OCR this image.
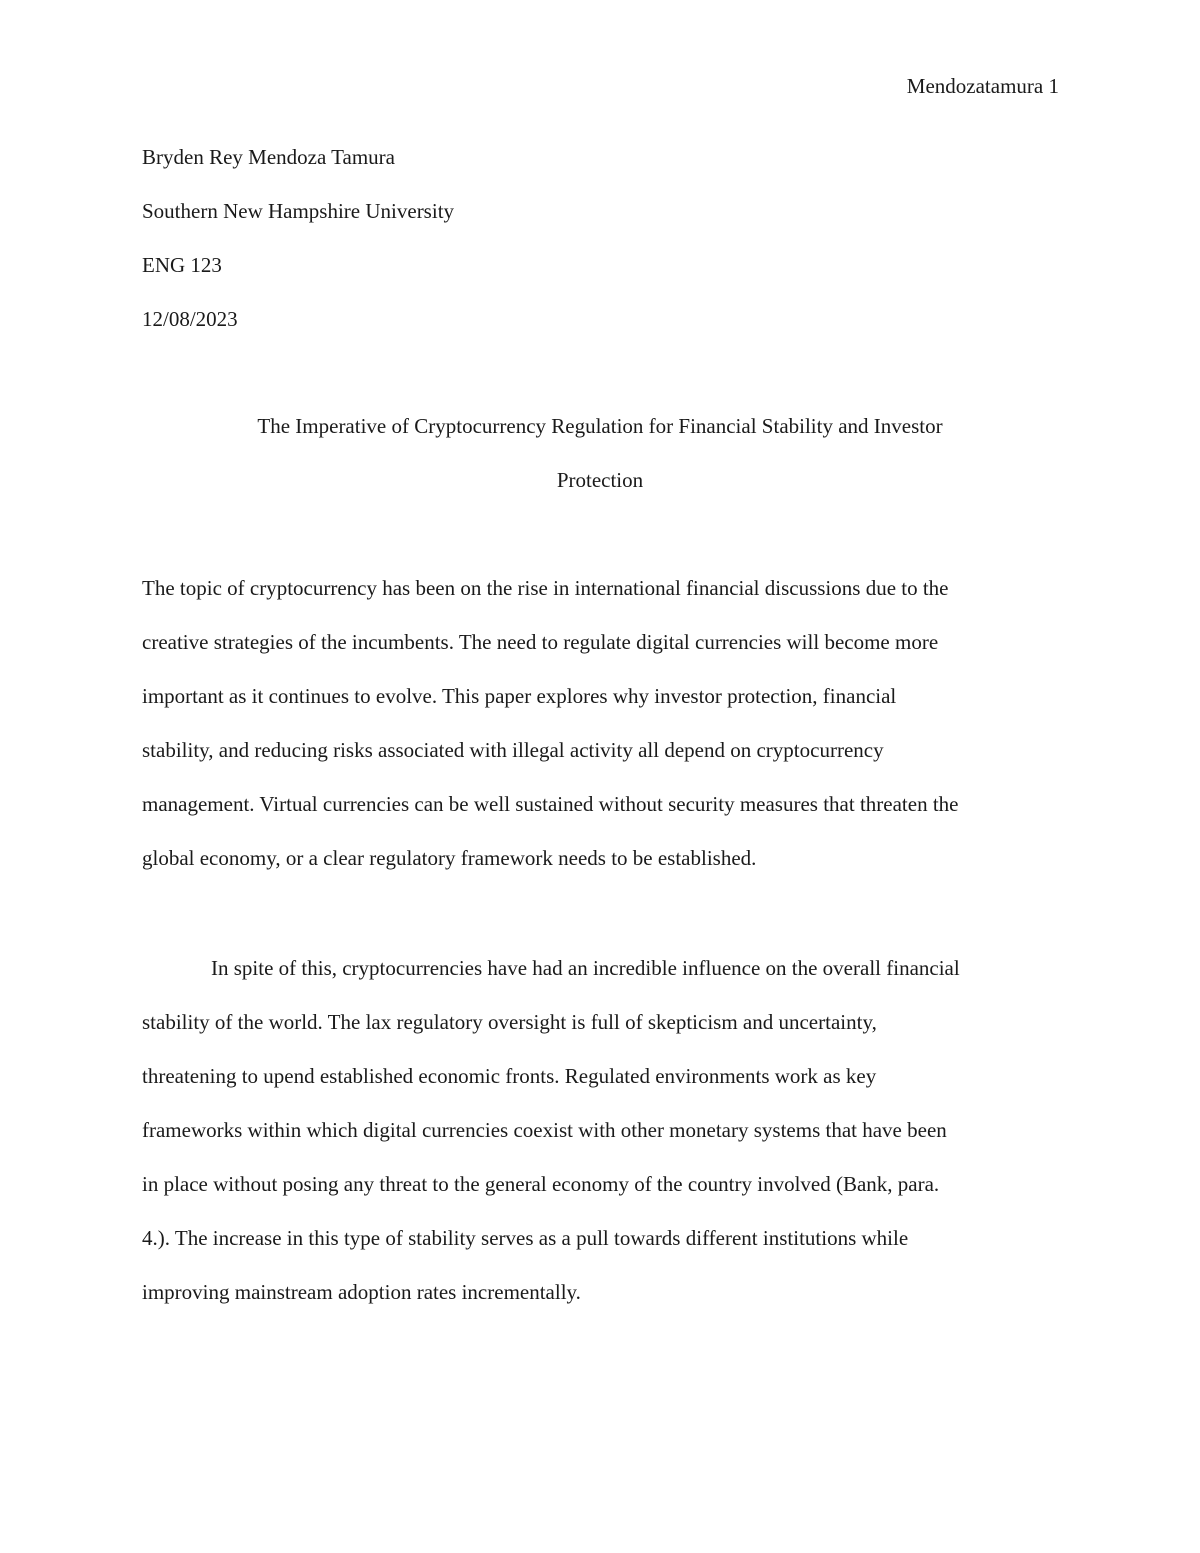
Mendozatamura 1
Bryden Rey Mendoza Tamura
Southern New Hampshire University
ENG 123
12/08/2023
The Imperative of Cryptocurrency Regulation for Financial Stability and Investor
Protection
The topic of cryptocurrency has been on the rise in international financial discussions due to the
creative strategies of the incumbents. The need to regulate digital currencies will become more
important as it continues to evolve. This paper explores why investor protection, financial
stability, and reducing risks associated with illegal activity all depend on cryptocurrency
management. Virtual currencies can be well sustained without security measures that threaten the
global economy, or a clear regulatory framework needs to be established.
In spite of this, cryptocurrencies have had an incredible influence on the overall financial
stability of the world. The lax regulatory oversight is full of skepticism and uncertainty,
threatening to upend established economic fronts. Regulated environments work as key
frameworks within which digital currencies coexist with other monetary systems that have been
in place without posing any threat to the general economy of the country involved (Bank, para.
4.). The increase in this type of stability serves as a pull towards different institutions while
improving mainstream adoption rates incrementally.
